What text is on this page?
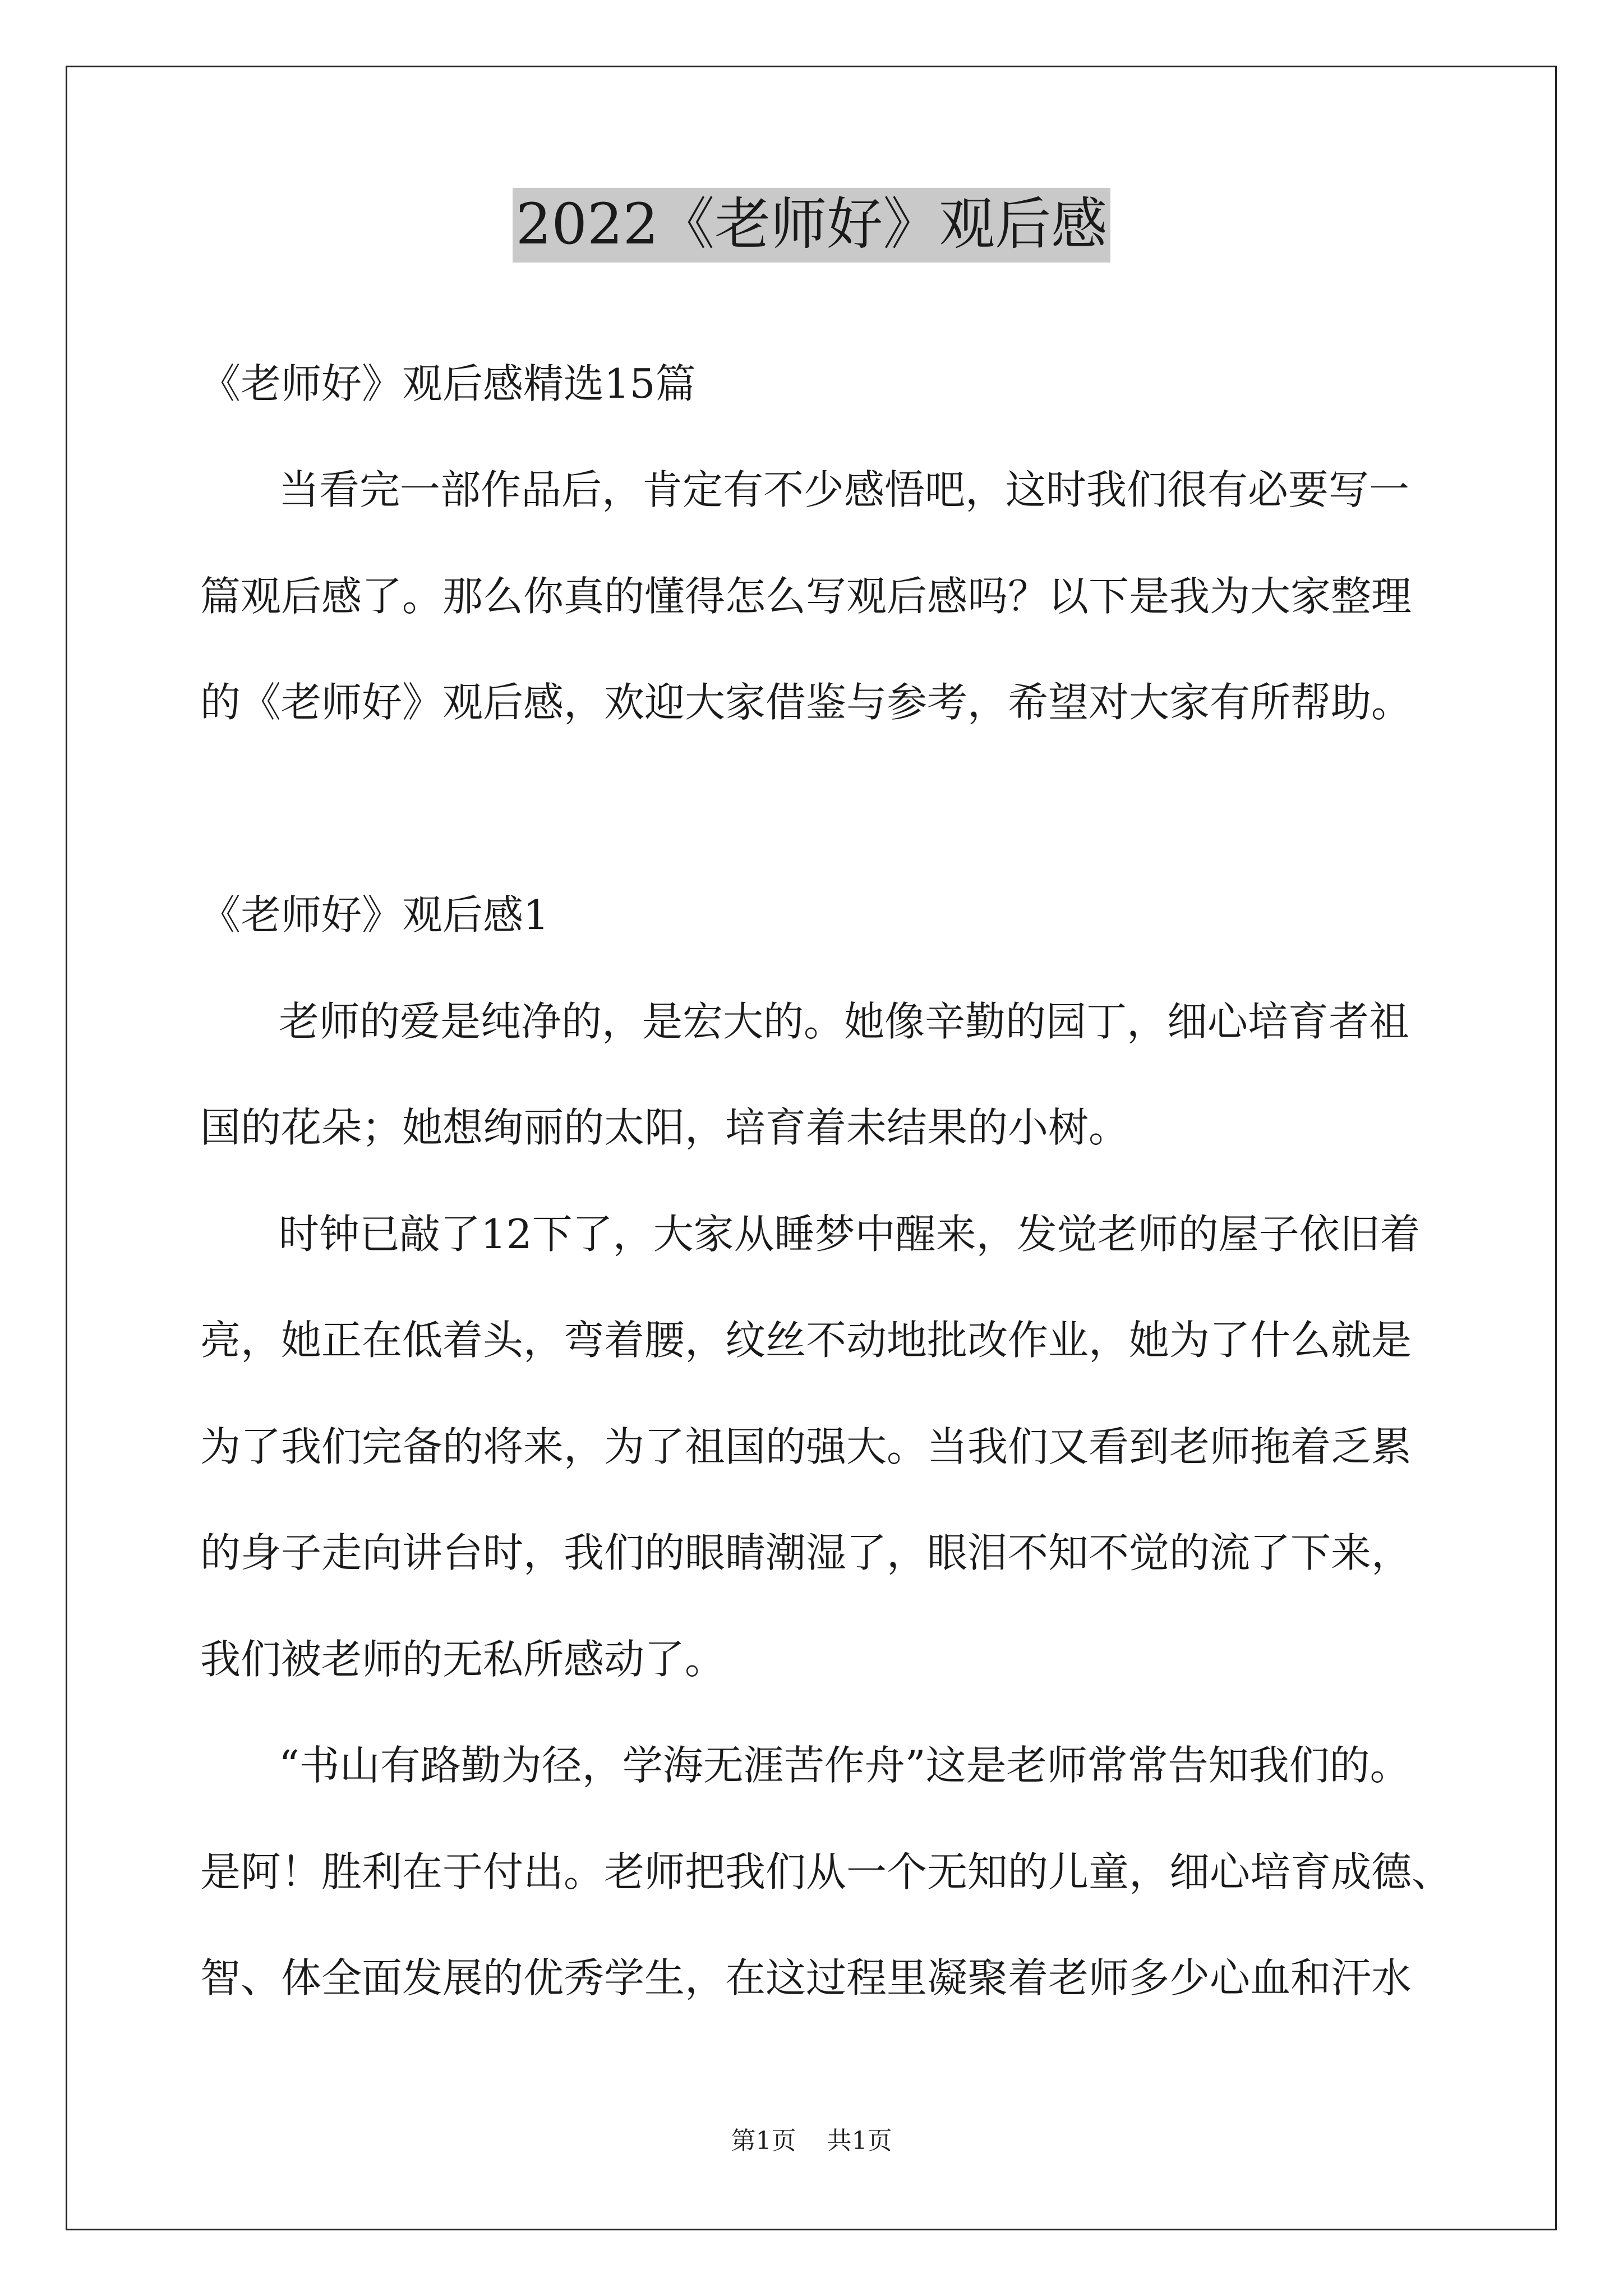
2022《老师好》观后感

《老师好》观后感精选15篇

当看完一部作品后，肯定有不少感悟吧，这时我们很有必要写一

篇观后感了。那么你真的懂得怎么写观后感吗？以下是我为大家整理

的《老师好》观后感，欢迎大家借鉴与参考，希望对大家有所帮助。

《老师好》观后感1

老师的爱是纯净的，是宏大的。她像辛勤的园丁，细心培育者祖

国的花朵；她想绚丽的太阳，培育着未结果的小树。

时钟已敲了12下了，大家从睡梦中醒来，发觉老师的屋子依旧着

亮，她正在低着头，弯着腰，纹丝不动地批改作业，她为了什么就是

为了我们完备的将来，为了祖国的强大。当我们又看到老师拖着乏累

的身子走向讲台时，我们的眼睛潮湿了，眼泪不知不觉的流了下来，

我们被老师的无私所感动了。

“书山有路勤为径，学海无涯苦作舟”这是老师常常告知我们的。

是阿！胜利在于付出。老师把我们从一个无知的儿童，细心培育成德、

智、体全面发展的优秀学生，在这过程里凝聚着老师多少心血和汗水

第1页 共1页
